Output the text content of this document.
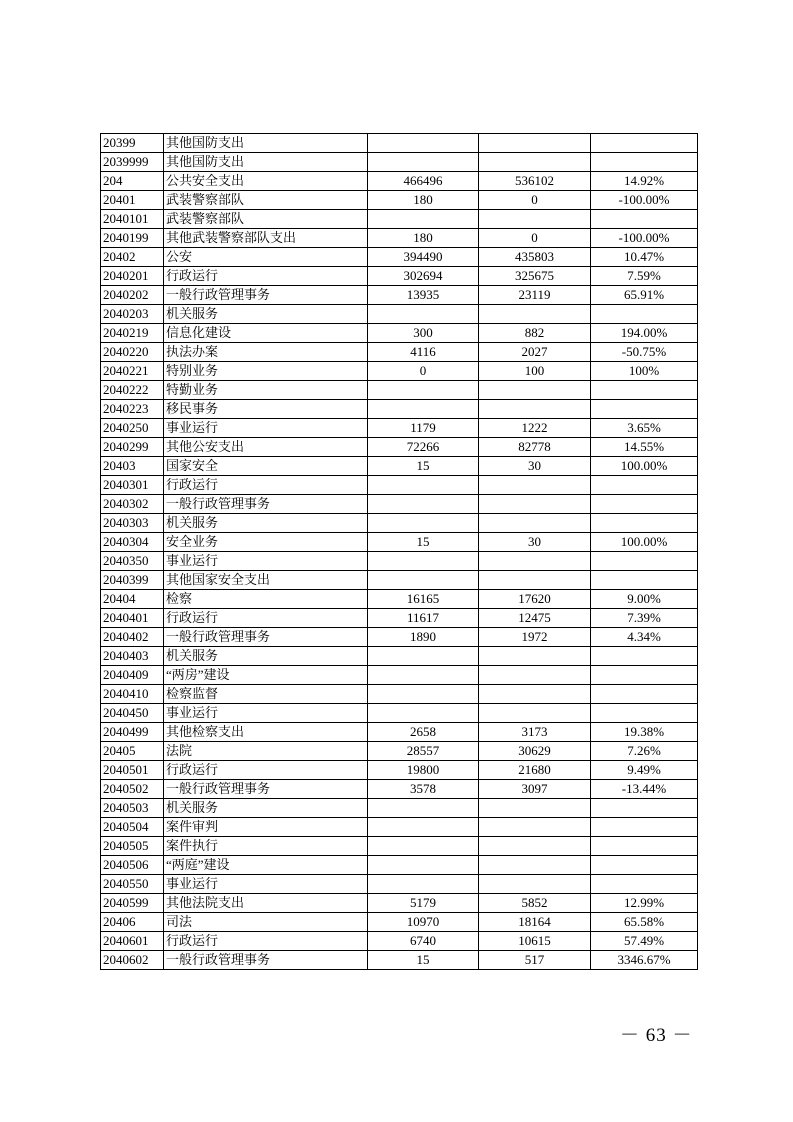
20399	其他国防支出			
2039999	其他国防支出			
204	公共安全支出	466496	536102	14.92%
20401	武装警察部队	180	0	-100.00%
2040101	武装警察部队			
2040199	其他武装警察部队支出	180	0	-100.00%
20402	公安	394490	435803	10.47%
2040201	行政运行	302694	325675	7.59%
2040202	一般行政管理事务	13935	23119	65.91%
2040203	机关服务			
2040219	信息化建设	300	882	194.00%
2040220	执法办案	4116	2027	-50.75%
2040221	特别业务	0	100	100%
2040222	特勤业务			
2040223	移民事务			
2040250	事业运行	1179	1222	3.65%
2040299	其他公安支出	72266	82778	14.55%
20403	国家安全	15	30	100.00%
2040301	行政运行			
2040302	一般行政管理事务			
2040303	机关服务			
2040304	安全业务	15	30	100.00%
2040350	事业运行			
2040399	其他国家安全支出			
20404	检察	16165	17620	9.00%
2040401	行政运行	11617	12475	7.39%
2040402	一般行政管理事务	1890	1972	4.34%
2040403	机关服务			
2040409	“两房”建设			
2040410	检察监督			
2040450	事业运行			
2040499	其他检察支出	2658	3173	19.38%
20405	法院	28557	30629	7.26%
2040501	行政运行	19800	21680	9.49%
2040502	一般行政管理事务	3578	3097	-13.44%
2040503	机关服务			
2040504	案件审判			
2040505	案件执行			
2040506	“两庭”建设			
2040550	事业运行			
2040599	其他法院支出	5179	5852	12.99%
20406	司法	10970	18164	65.58%
2040601	行政运行	6740	10615	57.49%
2040602	一般行政管理事务	15	517	3346.67%
－ 63 －
